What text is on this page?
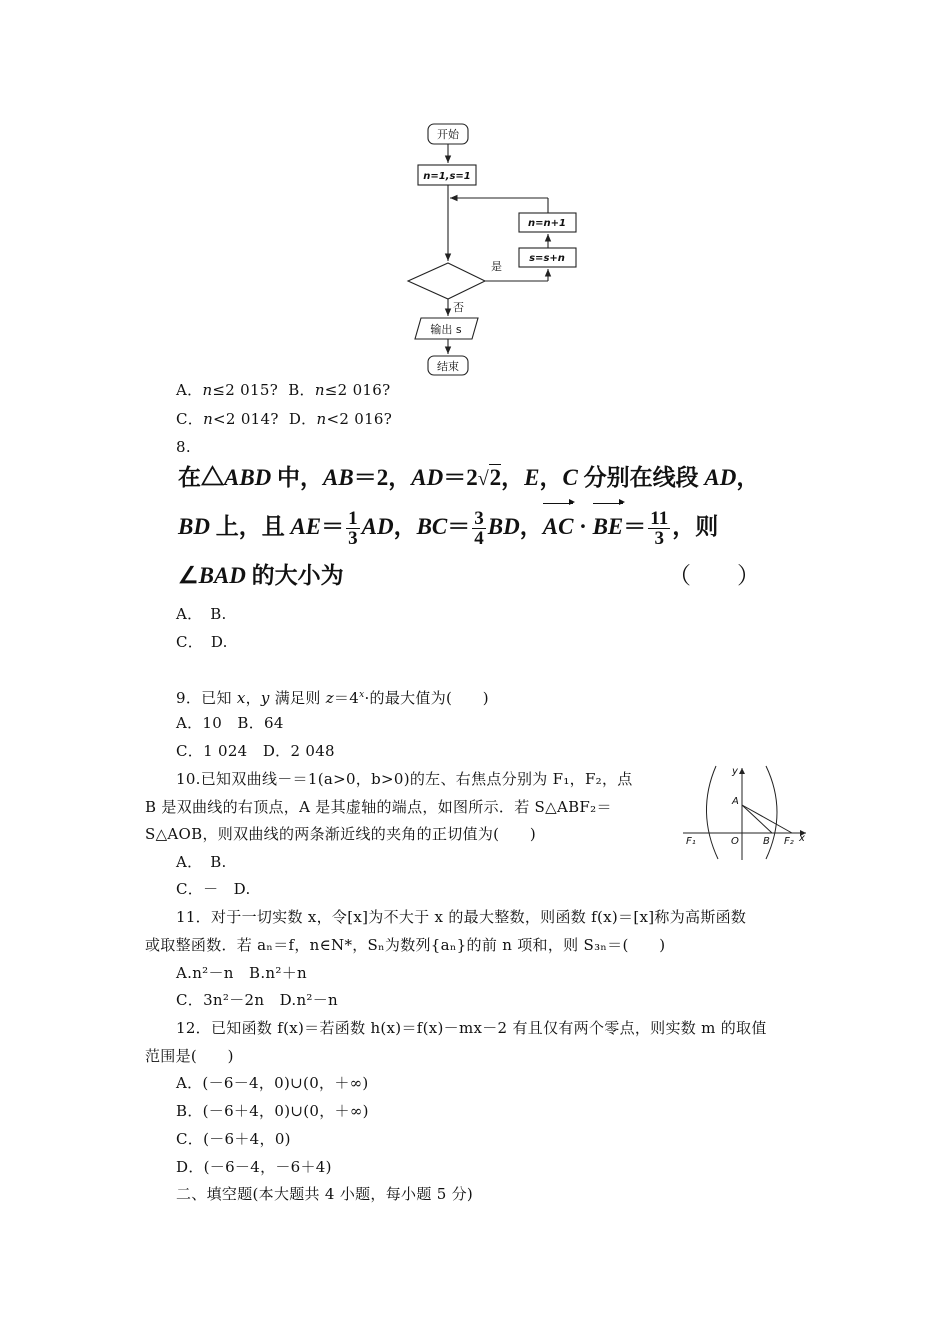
开始
n=1,s=1
n=n+1
s=s+n
是
否
输出 s
结束
A．n≤2 015? B．n≤2 016?
C．n<2 014? D．n<2 016?
8.
在△ABD 中，AB＝2，AD＝2√2，E，C 分别在线段 AD，
BD 上，且 $AE= \frac{1}{3}$ AD，$BC= \frac{3}{4}$ BD，AC · $BE= \frac{11}{3}$ ，则
∠BAD 的大小为	（　　）
A．　B.
C．　D.
9．已知 x，y 满足则 $z=4^x\cdot$的最大值为(　　)
A．10　B．64
C．1 024　D．2 048
10.已知双曲线－＝1(a>0，b>0)的左、右焦点分别为 F₁，F₂，点
B 是双曲线的右顶点，A 是其虚轴的端点，如图所示．若 S△ABF₂＝
S△AOB，则双曲线的两条渐近线的夹角的正切值为(　　)
A．　B.
C．－　D.
y
x
A
O B
F₁	F₂
11．对于一切实数 x，令[x]为不大于 x 的最大整数，则函数 f(x)＝[x]称为高斯函数
或取整函数．若 aₙ＝f，n∈N*，Sₙ为数列{aₙ}的前 n 项和，则 S₃ₙ＝(　　)
A.n²－n　B.n²＋n
C．3n²－2n　D.n²－n
12．已知函数 f(x)＝若函数 h(x)＝f(x)－mx－2 有且仅有两个零点，则实数 m 的取值
范围是(　　)
A．(－6－4，0)∪(0，＋∞)
B．(－6＋4，0)∪(0，＋∞)
C．(－6＋4，0)
D．(－6－4，－6＋4)
二、填空题(本大题共 4 小题，每小题 5 分)
